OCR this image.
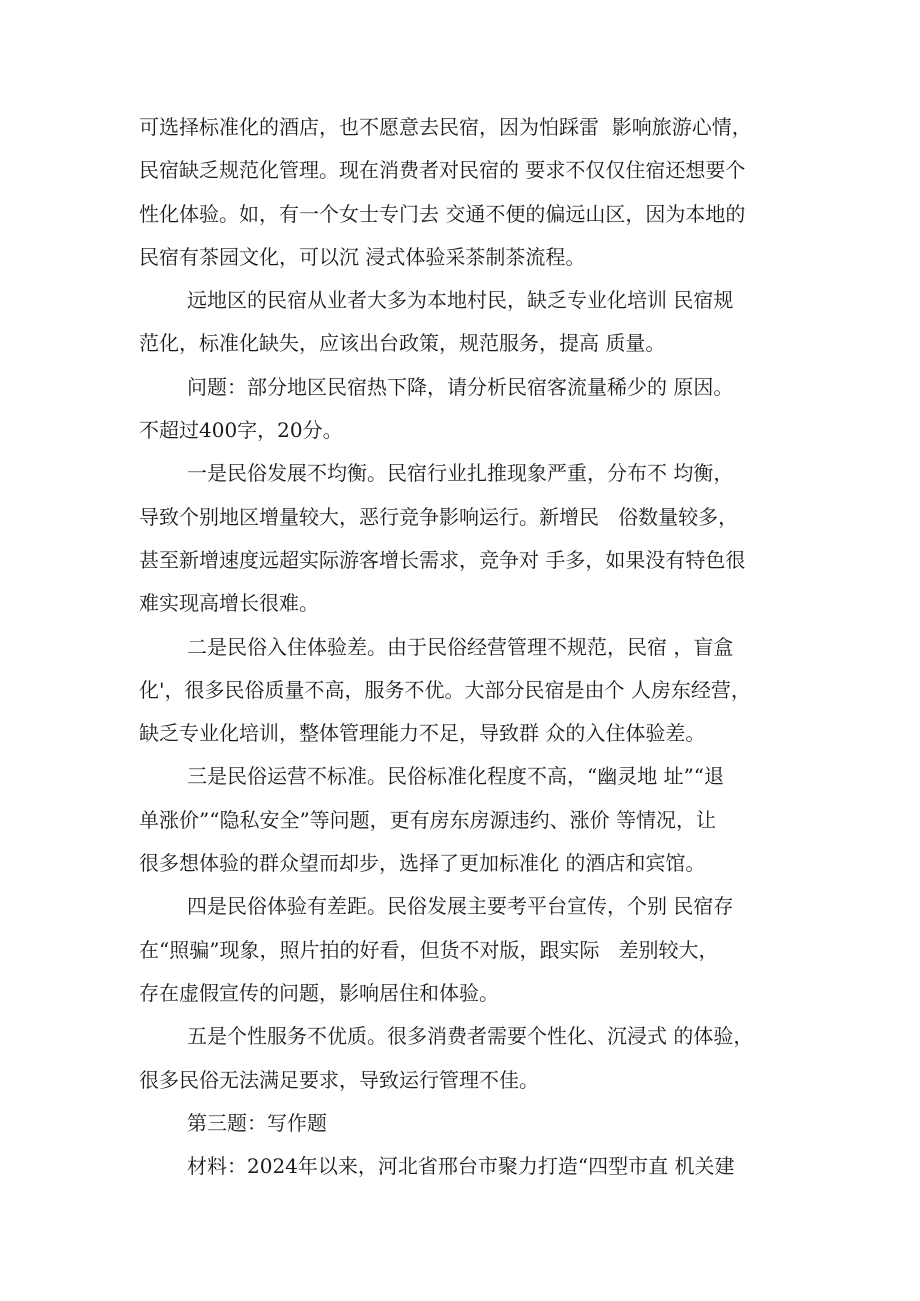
可选择标准化的酒店，也不愿意去民宿，因为怕踩雷  影响旅游心情，
民宿缺乏规范化管理。现在消费者对民宿的 要求不仅仅住宿还想要个
性化体验。如，有一个女士专门去 交通不便的偏远山区，因为本地的
民宿有茶园文化，可以沉 浸式体验采茶制茶流程。
远地区的民宿从业者大多为本地村民，缺乏专业化培训 民宿规
范化，标准化缺失，应该出台政策，规范服务，提高 质量。
问题：部分地区民宿热下降，请分析民宿客流量稀少的 原因。
不超过400字，20分。
一是民俗发展不均衡。民宿行业扎推现象严重，分布不 均衡，
导致个别地区增量较大，恶行竞争影响运行。新增民   俗数量较多，
甚至新增速度远超实际游客增长需求，竞争对 手多，如果没有特色很
难实现高增长很难。
二是民俗入住体验差。由于民俗经营管理不规范，民宿 ，盲盒
化'，很多民俗质量不高，服务不优。大部分民宿是由个 人房东经营，
缺乏专业化培训，整体管理能力不足，导致群 众的入住体验差。
三是民俗运营不标准。民俗标准化程度不高，“幽灵地 址”“退
单涨价”“隐私安全”等问题，更有房东房源违约、涨价 等情况，让
很多想体验的群众望而却步，选择了更加标准化 的酒店和宾馆。
四是民俗体验有差距。民俗发展主要考平台宣传，个别 民宿存
在“照骗”现象，照片拍的好看，但货不对版，跟实际   差别较大，
存在虚假宣传的问题，影响居住和体验。
五是个性服务不优质。很多消费者需要个性化、沉浸式 的体验，
很多民俗无法满足要求，导致运行管理不佳。
第三题：写作题
材料：2024年以来，河北省邢台市聚力打造“四型市直 机关建
